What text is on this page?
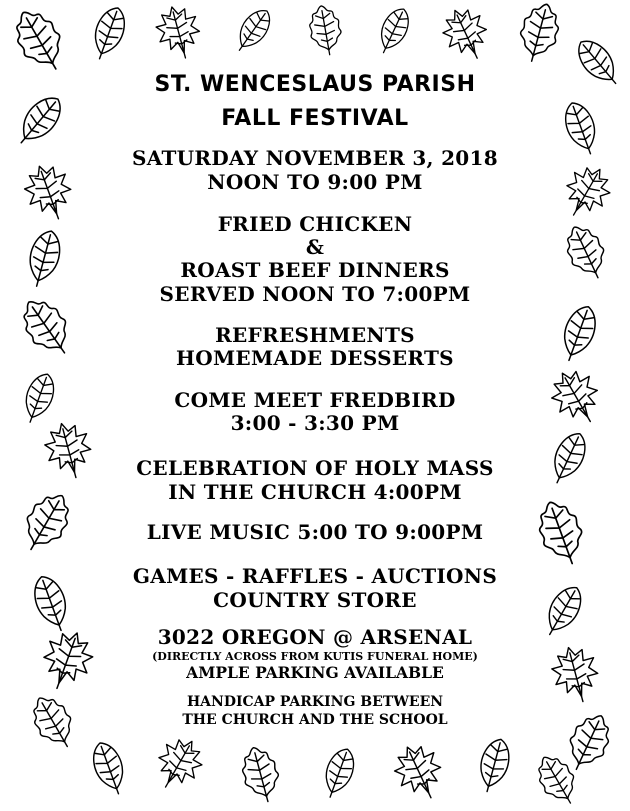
ST. WENCESLAUS PARISH
FALL FESTIVAL
SATURDAY NOVEMBER 3, 2018
NOON TO 9:00 PM
FRIED CHICKEN
&
ROAST BEEF DINNERS
SERVED NOON TO 7:00PM
REFRESHMENTS
HOMEMADE DESSERTS
COME MEET FREDBIRD
3:00 - 3:30 PM
CELEBRATION OF HOLY MASS
IN THE CHURCH 4:00PM
LIVE MUSIC 5:00 TO 9:00PM
GAMES - RAFFLES - AUCTIONS
COUNTRY STORE
3022 OREGON @ ARSENAL
(DIRECTLY ACROSS FROM KUTIS FUNERAL HOME)
AMPLE PARKING AVAILABLE
HANDICAP PARKING BETWEEN
THE CHURCH AND THE SCHOOL
